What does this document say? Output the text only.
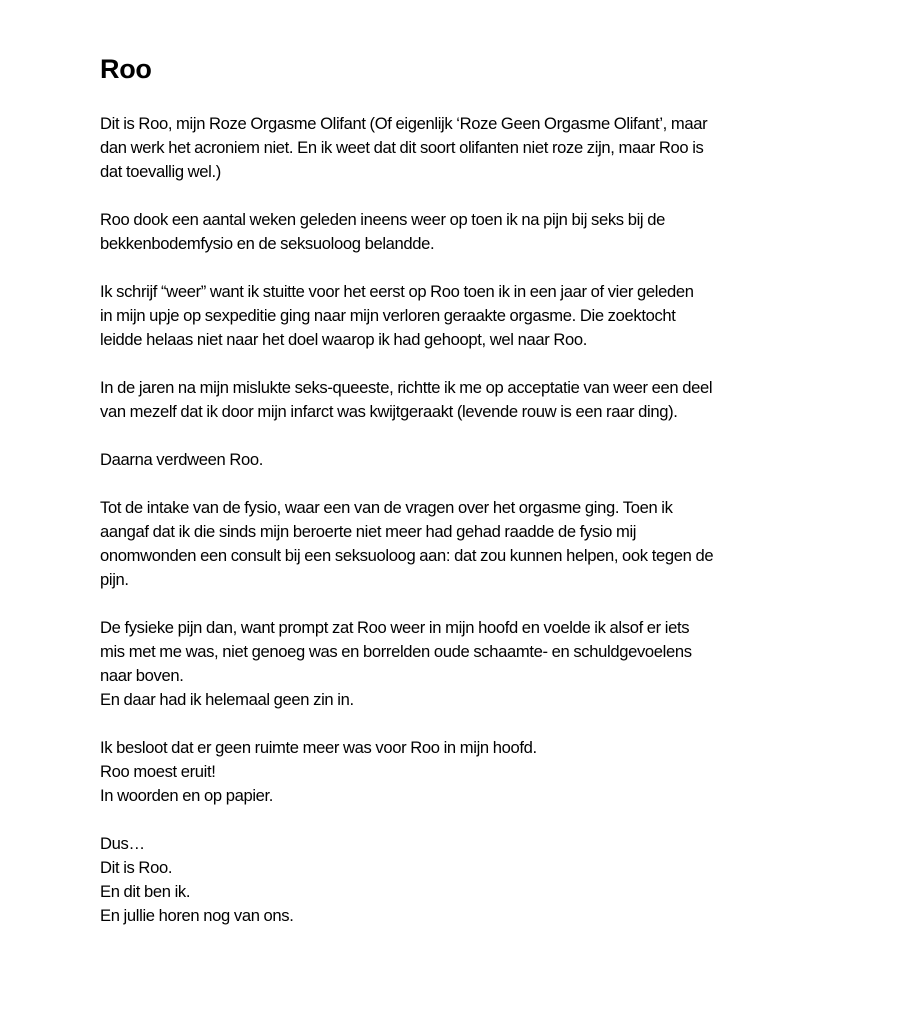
Roo

Dit is Roo, mijn Roze Orgasme Olifant (Of eigenlijk ‘Roze Geen Orgasme Olifant’, maar
dan werk het acroniem niet. En ik weet dat dit soort olifanten niet roze zijn, maar Roo is
dat toevallig wel.)

Roo dook een aantal weken geleden ineens weer op toen ik na pijn bij seks bij de
bekkenbodemfysio en de seksuoloog belandde.

Ik schrijf “weer” want ik stuitte voor het eerst op Roo toen ik in een jaar of vier geleden
in mijn upje op sexpeditie ging naar mijn verloren geraakte orgasme. Die zoektocht
leidde helaas niet naar het doel waarop ik had gehoopt, wel naar Roo.

In de jaren na mijn mislukte seks-queeste, richtte ik me op acceptatie van weer een deel
van mezelf dat ik door mijn infarct was kwijtgeraakt (levende rouw is een raar ding).

Daarna verdween Roo.

Tot de intake van de fysio, waar een van de vragen over het orgasme ging. Toen ik
aangaf dat ik die sinds mijn beroerte niet meer had gehad raadde de fysio mij
onomwonden een consult bij een seksuoloog aan: dat zou kunnen helpen, ook tegen de
pijn.

De fysieke pijn dan, want prompt zat Roo weer in mijn hoofd en voelde ik alsof er iets
mis met me was, niet genoeg was en borrelden oude schaamte- en schuldgevoelens
naar boven.
En daar had ik helemaal geen zin in.

Ik besloot dat er geen ruimte meer was voor Roo in mijn hoofd.
Roo moest eruit!
In woorden en op papier.

Dus…
Dit is Roo.
En dit ben ik.
En jullie horen nog van ons.
